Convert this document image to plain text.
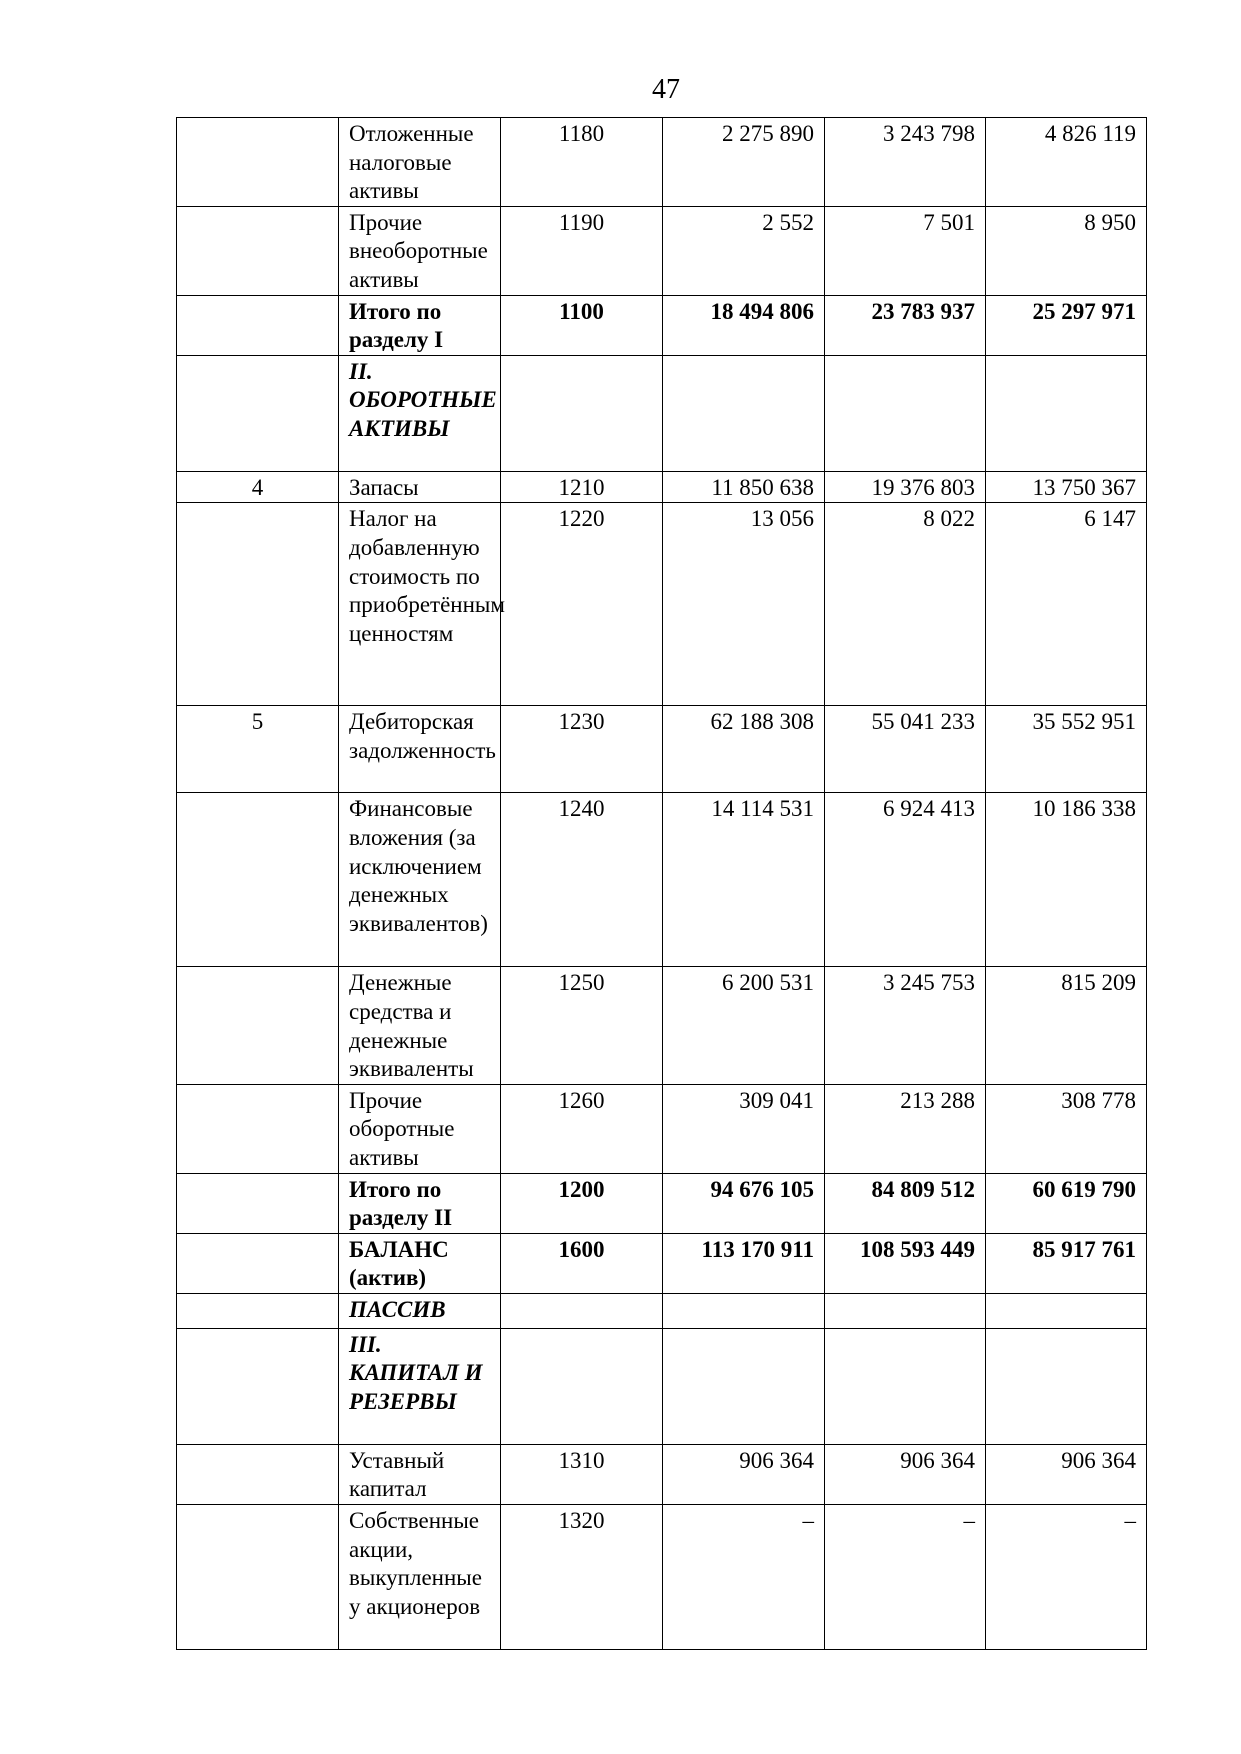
47
	Отложенные налоговые активы	1180	2 275 890	3 243 798	4 826 119
	Прочие внеоборотные активы	1190	2 552	7 501	8 950
	Итого по разделу I	1100	18 494 806	23 783 937	25 297 971
	II. ОБОРОТНЫЕ АКТИВЫ				
4	Запасы	1210	11 850 638	19 376 803	13 750 367
	Налог на добавленную стоимость по приобретённым ценностям	1220	13 056	8 022	6 147
5	Дебиторская задолженность	1230	62 188 308	55 041 233	35 552 951
	Финансовые вложения (за исключением денежных эквивалентов)	1240	14 114 531	6 924 413	10 186 338
	Денежные средства и денежные эквиваленты	1250	6 200 531	3 245 753	815 209
	Прочие оборотные активы	1260	309 041	213 288	308 778
	Итого по разделу II	1200	94 676 105	84 809 512	60 619 790
	БАЛАНС (актив)	1600	113 170 911	108 593 449	85 917 761
	ПАССИВ				
	III. КАПИТАЛ И РЕЗЕРВЫ				
	Уставный капитал	1310	906 364	906 364	906 364
	Собственные акции, выкупленные у акционеров	1320	–	–	–
